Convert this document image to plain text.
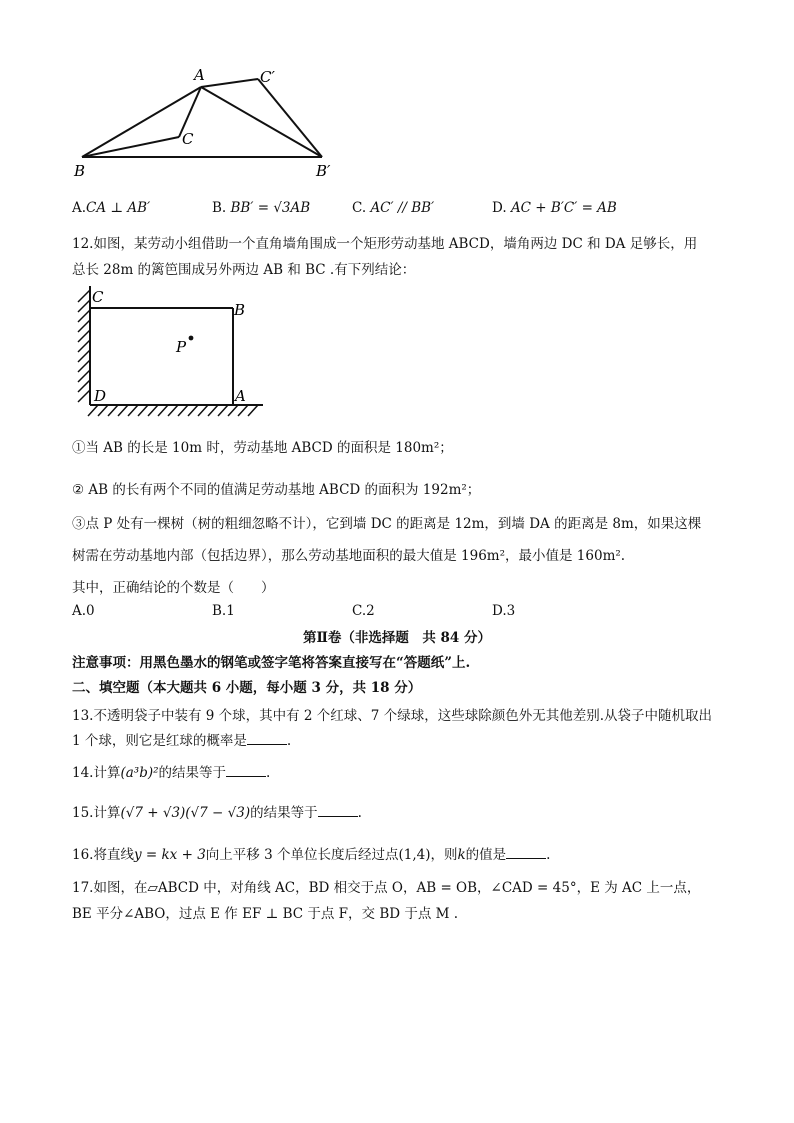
A	C′
C
B	B′
A.CA ⊥ AB′	B. BB′ = √3AB	C. AC′ // BB′	D. AC + B′C′ = AB
12.如图，某劳动小组借助一个直角墙角围成一个矩形劳动基地 ABCD，墙角两边 DC 和 DA 足够长，用
总长 28m 的篱笆围成另外两边 AB 和 BC .有下列结论：
C
B
P
D	A
①当 AB 的长是 10m 时，劳动基地 ABCD 的面积是 180m²；
② AB 的长有两个不同的值满足劳动基地 ABCD 的面积为 192m²；
③点 P 处有一棵树（树的粗细忽略不计），它到墙 DC 的距离是 12m，到墙 DA 的距离是 8m，如果这棵
树需在劳动基地内部（包括边界），那么劳动基地面积的最大值是 196m²，最小值是 160m².
其中，正确结论的个数是（　　）
A.0	B.1	C.2	D.3
第Ⅱ卷（非选择题　共 84 分）
注意事项：用黑色墨水的钢笔或签字笔将答案直接写在“答题纸”上.
二、填空题（本大题共 6 小题，每小题 3 分，共 18 分）
13.不透明袋子中装有 9 个球，其中有 2 个红球、7 个绿球，这些球除颜色外无其他差别.从袋子中随机取出
1 个球，则它是红球的概率是	.
14.计算(a³b)²的结果等于	.
15.计算(√7 + √3)(√7 − √3)的结果等于	.
16.将直线y = kx + 3向上平移 3 个单位长度后经过点(1,4)，则k的值是	.
17.如图，在▱ABCD 中，对角线 AC，BD 相交于点 O，AB = OB，∠CAD = 45°，E 为 AC 上一点，
BE 平分∠ABO，过点 E 作 EF ⊥ BC 于点 F，交 BD 于点 M .
